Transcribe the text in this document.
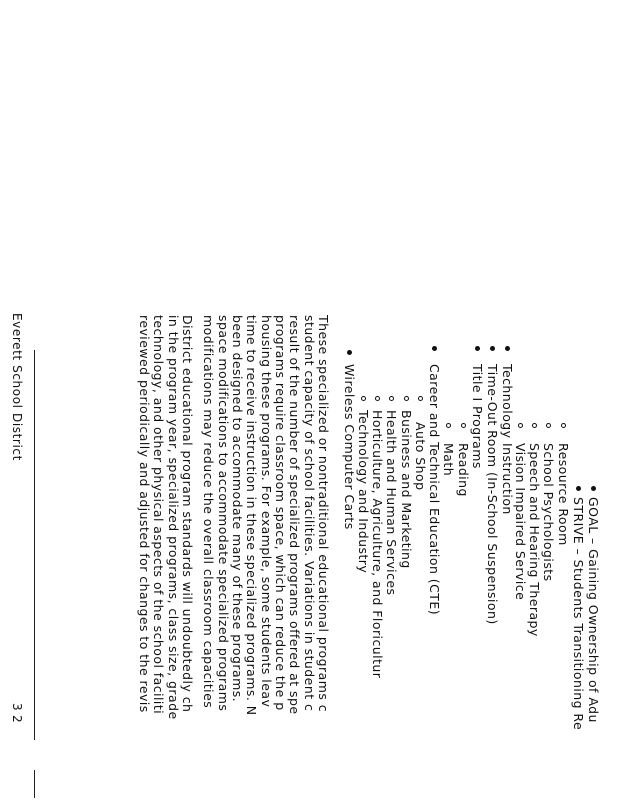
GOAL – Gaining Ownership of Adu
STRIVE – Students Transitioning Re
Resource Room
School Psychologists
Speech and Hearing Therapy
Vision Impaired Service
Technology Instruction
Time-Out Room (In-School Suspension)
Title I Programs
Reading
Math
Career and Technical Education (CTE)
Auto Shop
Business and Marketing
Health and Human Services
Horticulture, Agriculture, and Floricultur
Technology and Industry
Wireless Computer Carts
These specialized or nontraditional educational programs c
student capacity of school facilities. Variations in student c
result of the number of specialized programs offered at spe
programs require classroom space, which can reduce the p
housing these programs. For example, some students leav
time to receive instruction in these specialized programs. N
been designed to accommodate many of these programs.
space modifications to accommodate specialized programs
modifications may reduce the overall classroom capacities
District educational program standards will undoubtedly ch
in the program year, specialized programs, class size, grade
technology, and other physical aspects of the school faciliti
reviewed periodically and adjusted for changes to the revis
Everett School District
3 2
